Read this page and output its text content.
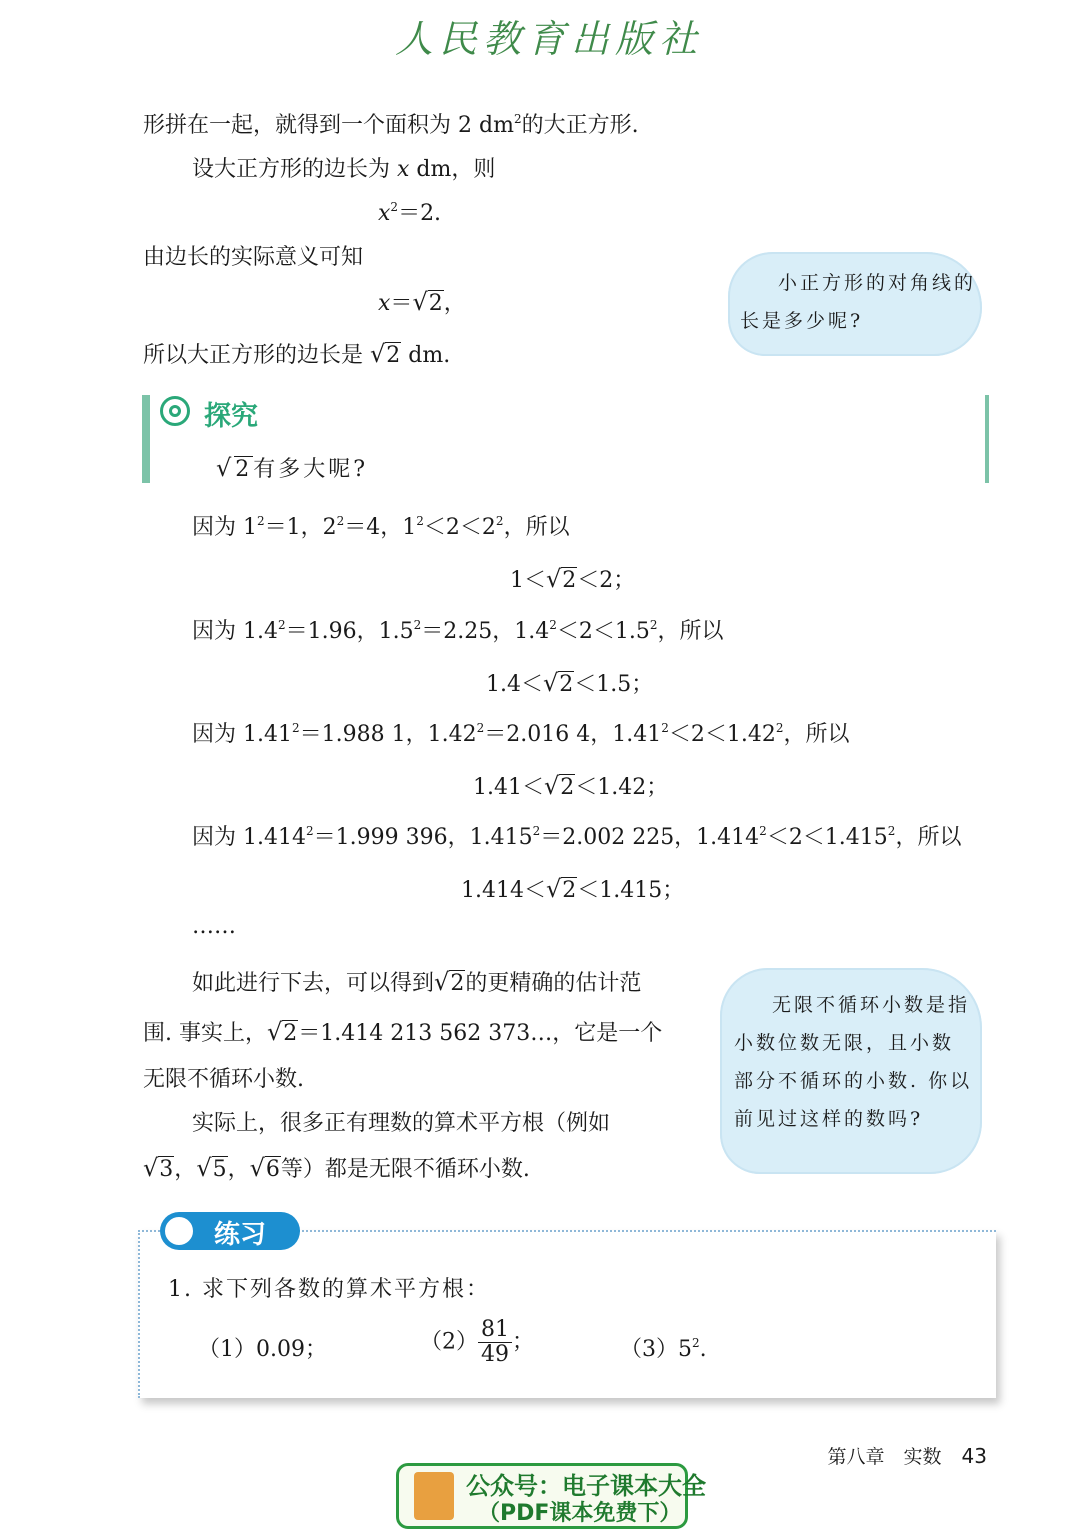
人民教育出版社
形拼在一起，就得到一个面积为 2 $dm^2$的大正方形.
设大正方形的边长为 x dm，则
$x^2=2$.
由边长的实际意义可知
x＝√2，
所以大正方形的边长是 √2 dm.
小正方形的对角线的长是多少呢?
探究
√2有多大呢?
因为 $1^2=1$，$2^2=4$，$1^2<2<2^2$，所以
1＜√2＜2；
因为 $1.4^2=1.96$，$1.5^2=2.25$，$1.4^2<2<1.5^2$，所以
1.4＜√2＜1.5；
因为 $1.41^2=1.988$ 1，$1.42^2=2.016$ 4，$1.41^2<2<1.42^2$，所以
1.41＜√2＜1.42；
因为 $1.414^2=1.999$ 396，$1.415^2=2.002$ 225，$1.414^2<2<1.415^2$，所以
1.414＜√2＜1.415；
……
如此进行下去，可以得到√2的更精确的估计范
围. 事实上，√2＝1.414 213 562 373…，它是一个
无限不循环小数.
实际上，很多正有理数的算术平方根（例如
√3，√5，√6等）都是无限不循环小数.
无限不循环小数是指小数位数无限，且小数部分不循环的小数. 你以前见过这样的数吗?
练习
1. 求下列各数的算术平方根：
（1）0.09；	$(2) \frac{81}{49}$ ；	$(3)5^2$.
第八章　实数 43
公众号：电子课本大全
（PDF课本免费下）
